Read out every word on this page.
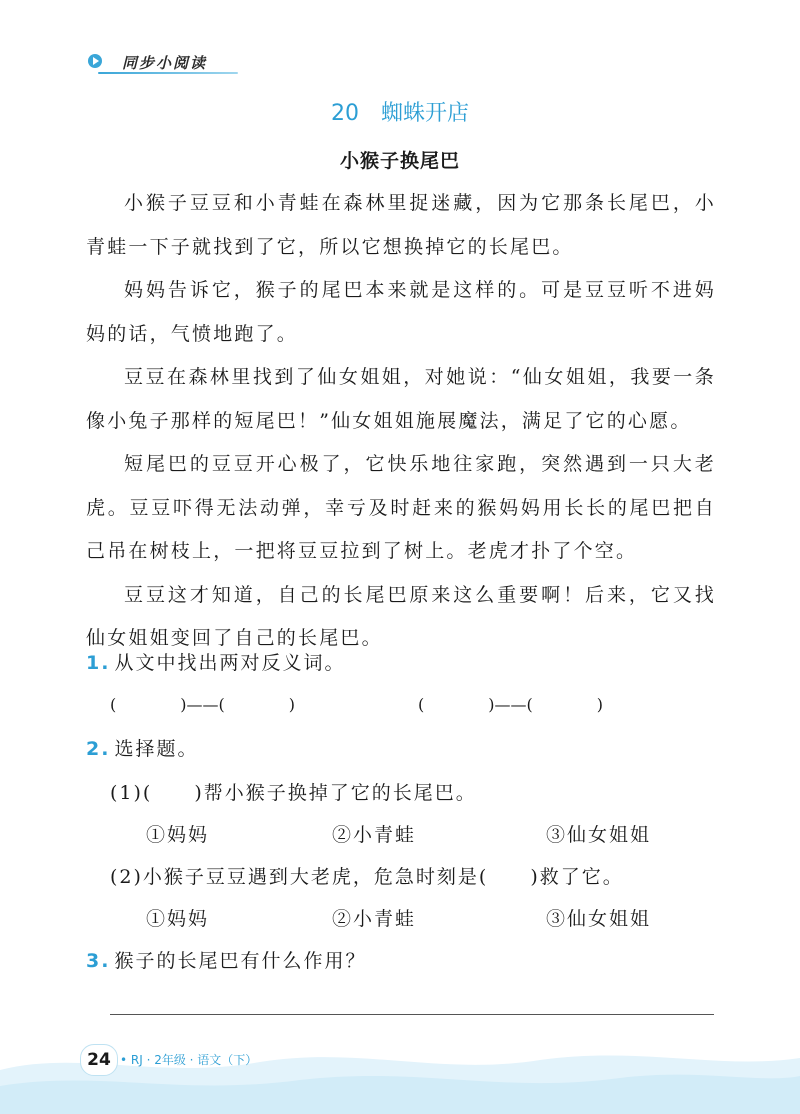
同步小阅读
20 蜘蛛开店
小猴子换尾巴

小猴子豆豆和小青蛙在森林里捉迷藏，因为它那条长尾巴，小青蛙一下子就找到了它，所以它想换掉它的长尾巴。

妈妈告诉它，猴子的尾巴本来就是这样的。可是豆豆听不进妈妈的话，气愤地跑了。

豆豆在森林里找到了仙女姐姐，对她说：“仙女姐姐，我要一条像小兔子那样的短尾巴！”仙女姐姐施展魔法，满足了它的心愿。

短尾巴的豆豆开心极了，它快乐地往家跑，突然遇到一只大老虎。豆豆吓得无法动弹，幸亏及时赶来的猴妈妈用长长的尾巴把自己吊在树枝上，一把将豆豆拉到了树上。老虎才扑了个空。

豆豆这才知道，自己的长尾巴原来这么重要啊！后来，它又找仙女姐姐变回了自己的长尾巴。

1. 从文中找出两对反义词。
(　　　　)——(　　　　)	(　　　　)——(　　　　)
2. 选择题。
(1)(　　)帮小猴子换掉了它的长尾巴。
①妈妈	②小青蛙	③仙女姐姐
(2)小猴子豆豆遇到大老虎，危急时刻是(　　)救了它。
①妈妈	②小青蛙	③仙女姐姐
3. 猴子的长尾巴有什么作用？
24 • RJ · 2年级 · 语文（下）
